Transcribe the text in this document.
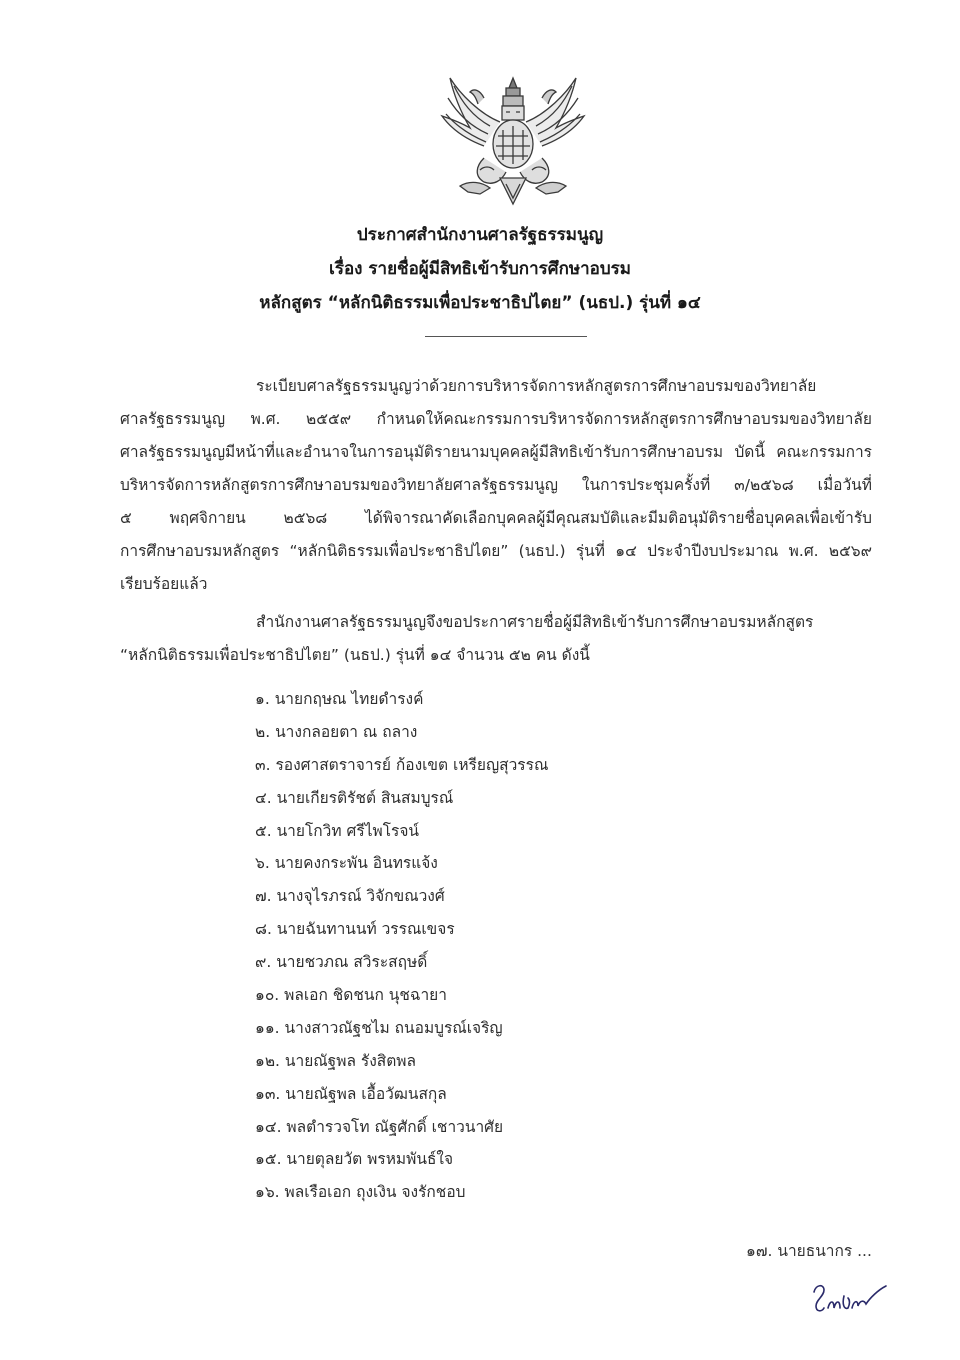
ประกาศสำนักงานศาลรัฐธรรมนูญ
เรื่อง รายชื่อผู้มีสิทธิเข้ารับการศึกษาอบรม
หลักสูตร “หลักนิติธรรมเพื่อประชาธิปไตย” (นธป.) รุ่นที่ ๑๔
ระเบียบศาลรัฐธรรมนูญว่าด้วยการบริหารจัดการหลักสูตรการศึกษาอบรมของวิทยาลัย
ศาลรัฐธรรมนูญ พ.ศ. ๒๕๕๙ กำหนดให้คณะกรรมการบริหารจัดการหลักสูตรการศึกษาอบรมของวิทยาลัย
ศาลรัฐธรรมนูญมีหน้าที่และอำนาจในการอนุมัติรายนามบุคคลผู้มีสิทธิเข้ารับการศึกษาอบรม บัดนี้ คณะกรรมการ
บริหารจัดการหลักสูตรการศึกษาอบรมของวิทยาลัยศาลรัฐธรรมนูญ ในการประชุมครั้งที่ ๓/๒๕๖๘ เมื่อวันที่
๕ พฤศจิกายน ๒๕๖๘ ได้พิจารณาคัดเลือกบุคคลผู้มีคุณสมบัติและมีมติอนุมัติรายชื่อบุคคลเพื่อเข้ารับ
การศึกษาอบรมหลักสูตร “หลักนิติธรรมเพื่อประชาธิปไตย” (นธป.) รุ่นที่ ๑๔ ประจำปีงบประมาณ พ.ศ. ๒๕๖๙
เรียบร้อยแล้ว
สำนักงานศาลรัฐธรรมนูญจึงขอประกาศรายชื่อผู้มีสิทธิเข้ารับการศึกษาอบรมหลักสูตร
“หลักนิติธรรมเพื่อประชาธิปไตย” (นธป.) รุ่นที่ ๑๔ จำนวน ๕๒ คน ดังนี้
๑. นายกฤษณ ไทยดำรงค์
๒. นางกลอยตา ณ ถลาง
๓. รองศาสตราจารย์ ก้องเขต เหรียญสุวรรณ
๔. นายเกียรติรัชต์ สินสมบูรณ์
๕. นายโกวิท ศรีไพโรจน์
๖. นายคงกระพัน อินทรแจ้ง
๗. นางจุไรภรณ์ วิจักขณวงศ์
๘. นายฉันทานนท์ วรรณเขจร
๙. นายชวภณ สวิระสฤษดิ์
๑๐. พลเอก ชิดชนก นุชฉายา
๑๑. นางสาวณัฐชไม ถนอมบูรณ์เจริญ
๑๒. นายณัฐพล รังสิตพล
๑๓. นายณัฐพล เอื้อวัฒนสกุล
๑๔. พลตำรวจโท ณัฐศักดิ์ เชาวนาศัย
๑๕. นายตุลยวัต พรหมพันธ์ใจ
๑๖. พลเรือเอก ถุงเงิน จงรักชอบ
๑๗. นายธนากร ...
